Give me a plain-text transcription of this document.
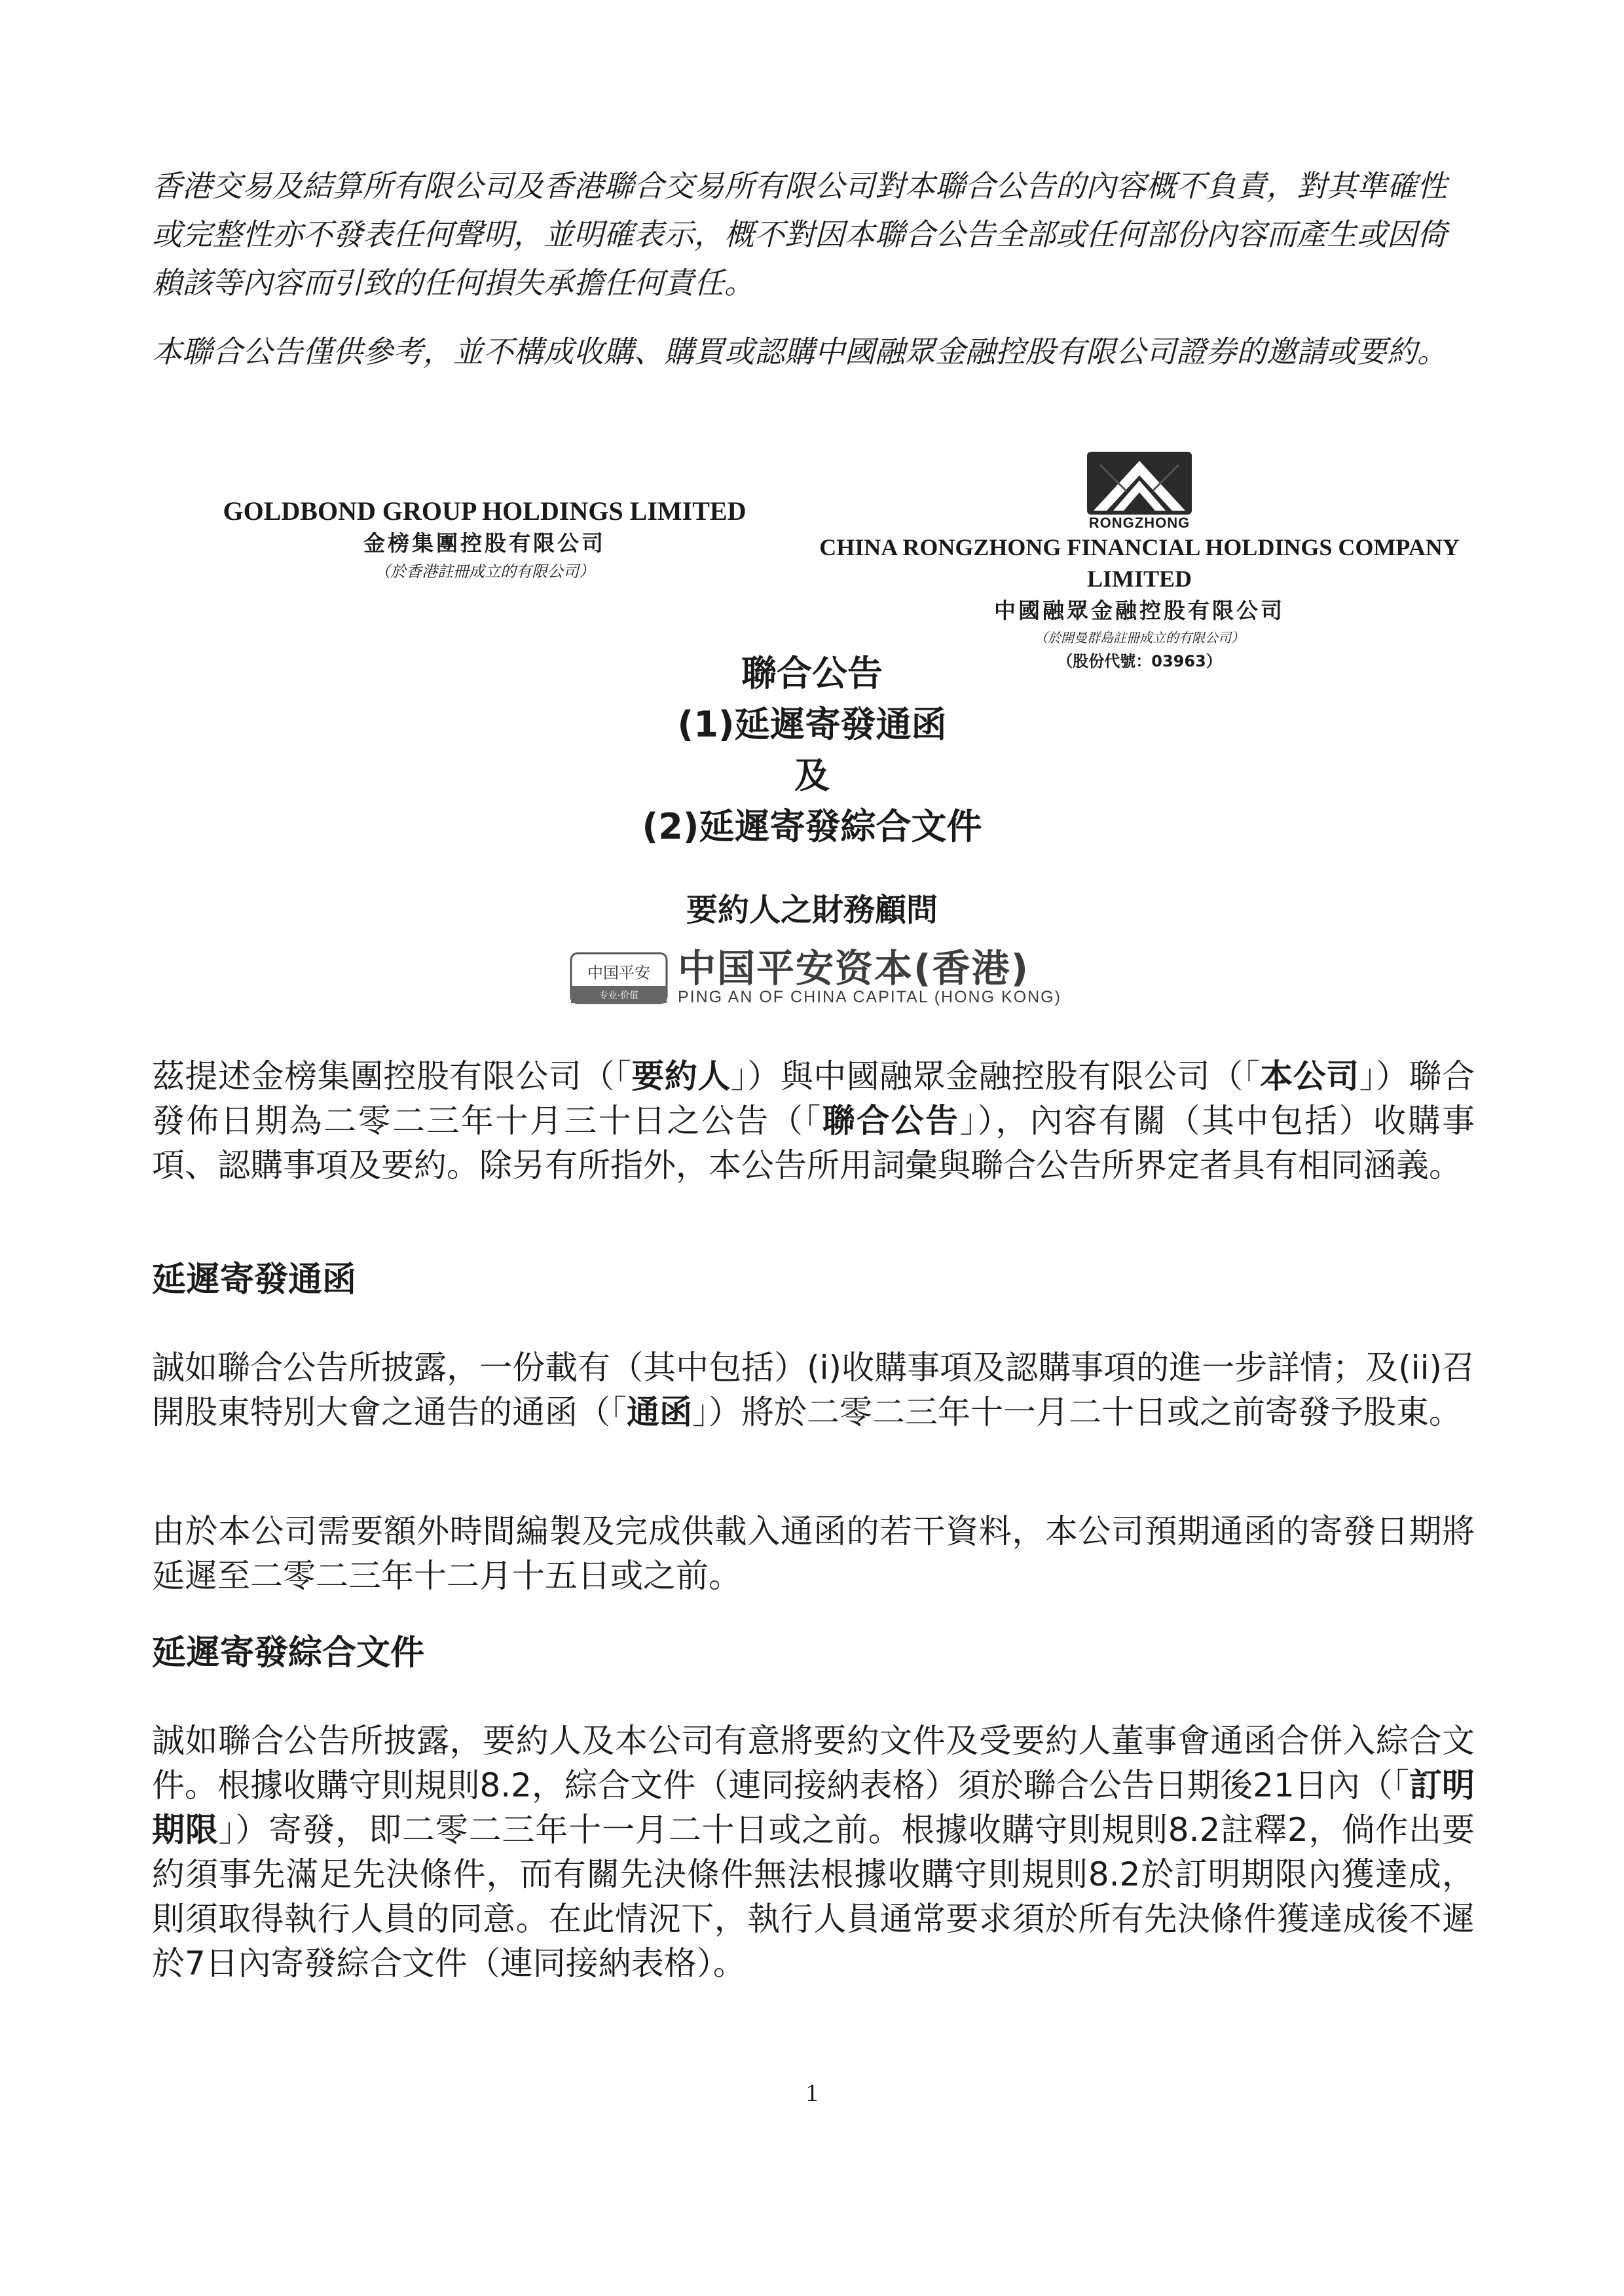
香港交易及結算所有限公司及香港聯合交易所有限公司對本聯合公告的內容概不負責，對其準確性或完整性亦不發表任何聲明，並明確表示，概不對因本聯合公告全部或任何部份內容而產生或因倚賴該等內容而引致的任何損失承擔任何責任。

本聯合公告僅供參考，並不構成收購、購買或認購中國融眾金融控股有限公司證券的邀請或要約。

GOLDBOND GROUP HOLDINGS LIMITED
金榜集團控股有限公司
（於香港註冊成立的有限公司）
RONGZHONG
CHINA RONGZHONG FINANCIAL HOLDINGS COMPANY LIMITED
中國融眾金融控股有限公司
（於開曼群島註冊成立的有限公司）
（股份代號：03963）
聯合公告
(1)延遲寄發通函
及
(2)延遲寄發綜合文件
要約人之財務顧問
中国平安
专业·价值
中国平安资本(香港)
PING AN OF CHINA CAPITAL (HONG KONG)

茲提述金榜集團控股有限公司（「要約人」）與中國融眾金融控股有限公司（「本公司」）聯合發佈日期為二零二三年十月三十日之公告（「聯合公告」），內容有關（其中包括）收購事項、認購事項及要約。除另有所指外，本公告所用詞彙與聯合公告所界定者具有相同涵義。

延遲寄發通函

誠如聯合公告所披露，一份載有（其中包括）(i)收購事項及認購事項的進一步詳情；及(ii)召開股東特別大會之通告的通函（「通函」）將於二零二三年十一月二十日或之前寄發予股東。

由於本公司需要額外時間編製及完成供載入通函的若干資料，本公司預期通函的寄發日期將延遲至二零二三年十二月十五日或之前。

延遲寄發綜合文件

誠如聯合公告所披露，要約人及本公司有意將要約文件及受要約人董事會通函合併入綜合文件。根據收購守則規則8.2，綜合文件（連同接納表格）須於聯合公告日期後21日內（「訂明期限」）寄發，即二零二三年十一月二十日或之前。根據收購守則規則8.2註釋2，倘作出要約須事先滿足先決條件，而有關先決條件無法根據收購守則規則8.2於訂明期限內獲達成，則須取得執行人員的同意。在此情況下，執行人員通常要求須於所有先決條件獲達成後不遲於7日內寄發綜合文件（連同接納表格）。

1
